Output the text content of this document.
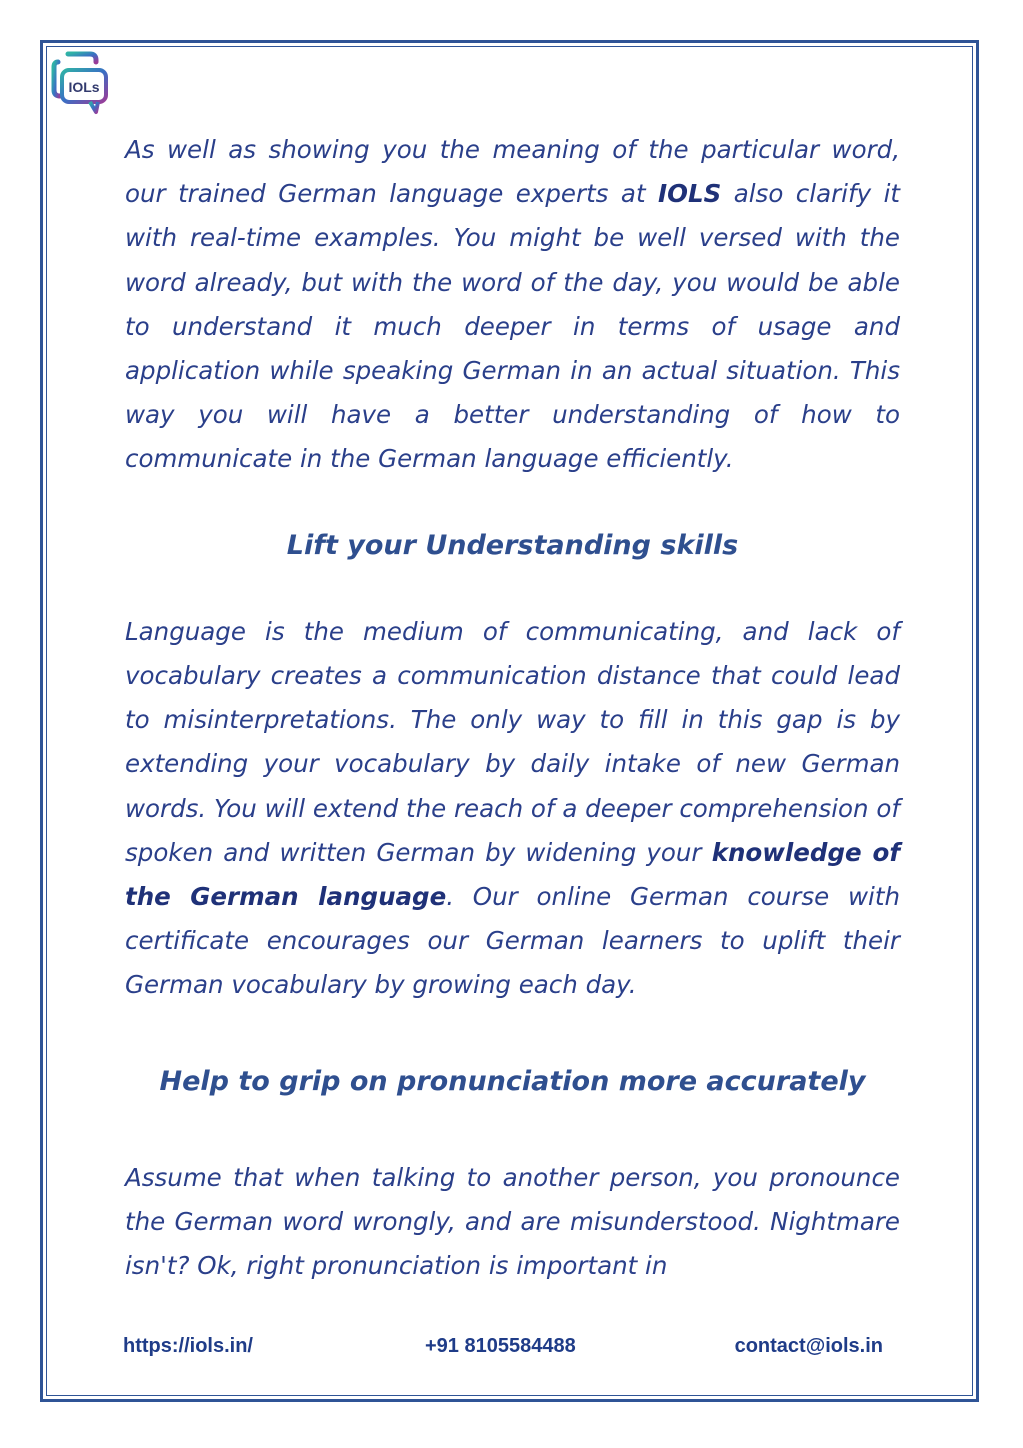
IOLs

As well as showing you the meaning of the particular word, our trained German language experts at IOLS also clarify it with real-time examples. You might be well versed with the word already, but with the word of the day, you would be able to understand it much deeper in terms of usage and application while speaking German in an actual situation. This way you will have a better understanding of how to communicate in the German language efficiently.

Lift your Understanding skills

Language is the medium of communicating, and lack of vocabulary creates a communication distance that could lead to misinterpretations. The only way to fill in this gap is by extending your vocabulary by daily intake of new German words. You will extend the reach of a deeper comprehension of spoken and written German by widening your knowledge of the German language. Our online German course with certificate encourages our German learners to uplift their German vocabulary by growing each day.

Help to grip on pronunciation more accurately

Assume that when talking to another person, you pronounce the German word wrongly, and are misunderstood. Nightmare isn't? Ok, right pronunciation is important in

https://iols.in/	+91 8105584488	contact@iols.in
